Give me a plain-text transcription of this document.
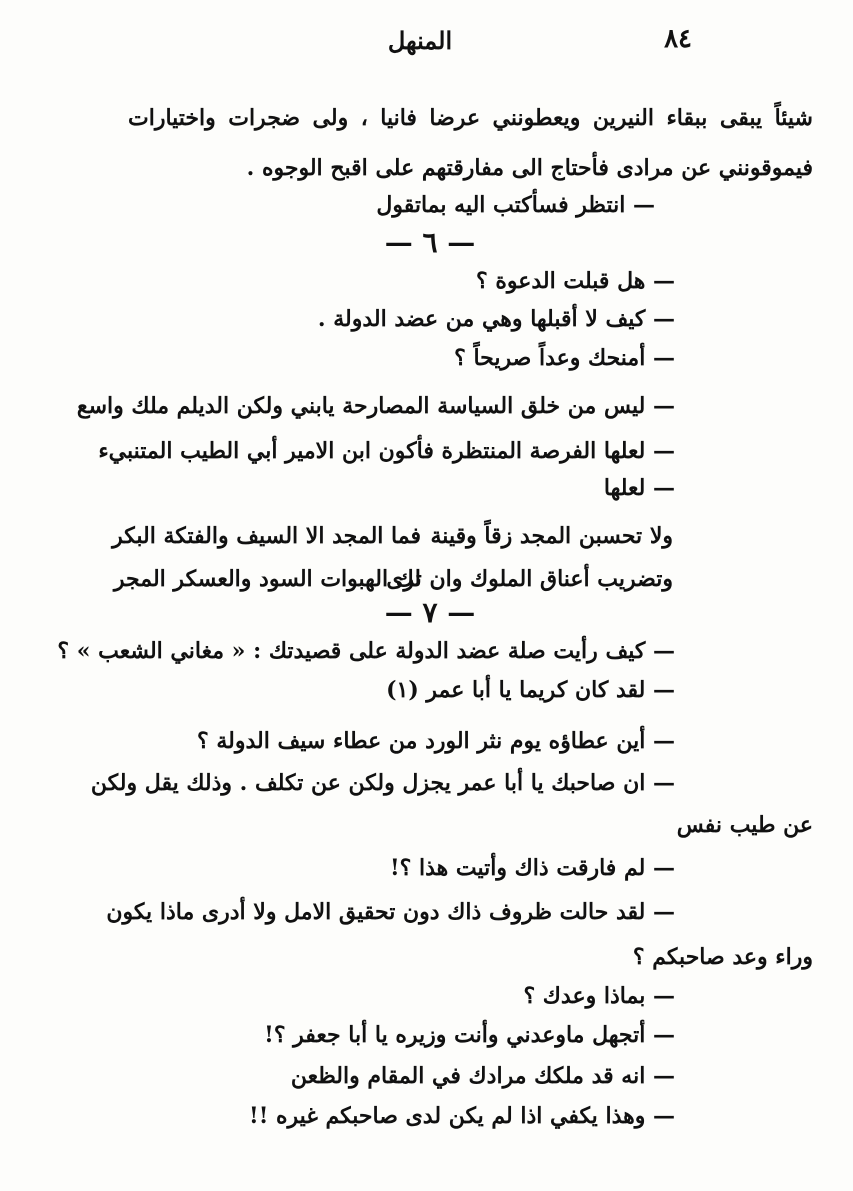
المنهل	٨٤
شيئاً يبقى ببقاء النيرين ويعطونني عرضا فانيا ، ولى ضجرات واختيارات
فيموقونني عن مرادى فأحتاج الى مفارقتهم على اقبح الوجوه .
— انتظر فسأكتب اليه بماتقول
— ٦ —
— هل قبلت الدعوة ؟
— كيف لا أقبلها وهي من عضد الدولة .
— أمنحك وعداً صريحاً ؟
— ليس من خلق السياسة المصارحة يابني ولكن الديلم ملك واسع
— لعلها الفرصة المنتظرة فأكون ابن الامير أبي الطيب المتنبيء
— لعلها
ولا تحسبن المجد زقاً وقينة
فما المجد الا السيف والفتكة البكر
وتضريب أعناق الملوك وان ترى
لك الهبوات السود والعسكر المجر
— ٧ —
— كيف رأيت صلة عضد الدولة على قصيدتك : « مغاني الشعب » ؟
— لقد كان كريما يا أبا عمر (١)
— أين عطاؤه يوم نثر الورد من عطاء سيف الدولة ؟
— ان صاحبك يا أبا عمر يجزل ولكن عن تكلف . وذلك يقل ولكن
عن طيب نفس
— لم فارقت ذاك وأتيت هذا ؟!
— لقد حالت ظروف ذاك دون تحقيق الامل ولا أدرى ماذا يكون
وراء وعد صاحبكم ؟
— بماذا وعدك ؟
— أتجهل ماوعدني وأنت وزيره يا أبا جعفر ؟!
— انه قد ملكك مرادك في المقام والظعن
— وهذا يكفي اذا لم يكن لدى صاحبكم غيره !!
